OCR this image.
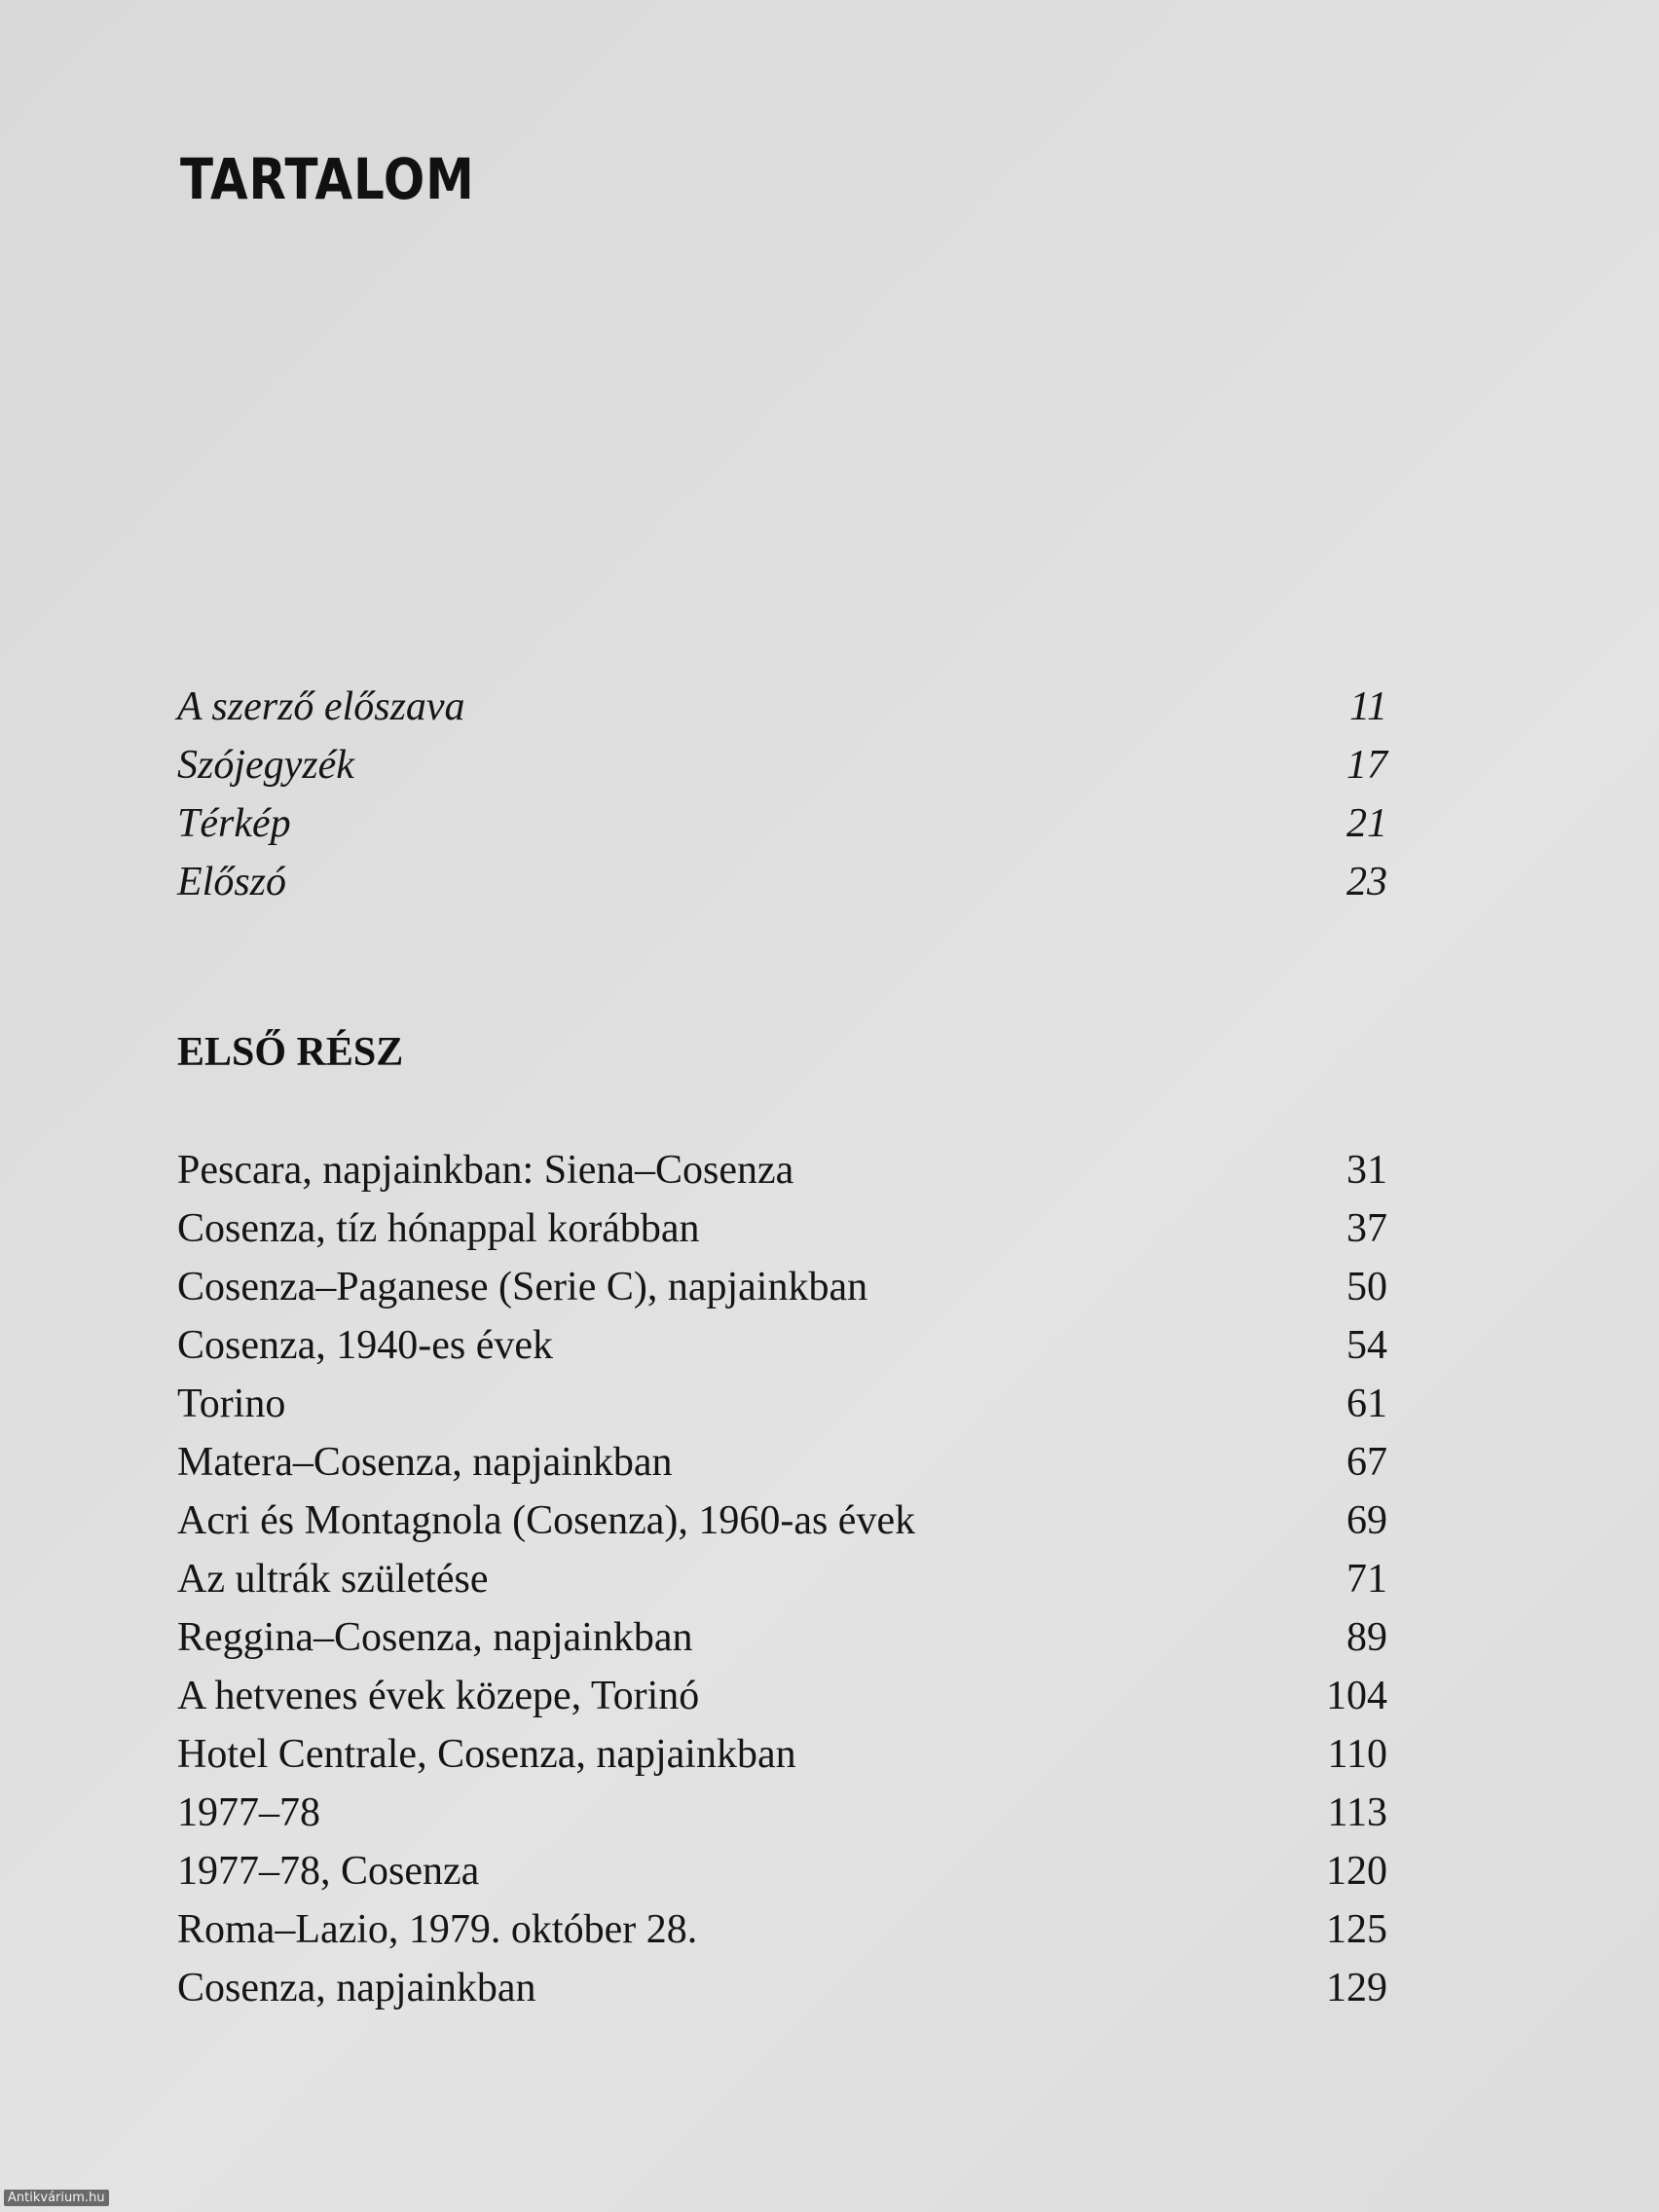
TARTALOM
A szerző előszava	11
Szójegyzék	17
Térkép	21
Előszó	23
ELSŐ RÉSZ
Pescara, napjainkban: Siena–Cosenza	31
Cosenza, tíz hónappal korábban	37
Cosenza–Paganese (Serie C), napjainkban	50
Cosenza, 1940-es évek	54
Torino	61
Matera–Cosenza, napjainkban	67
Acri és Montagnola (Cosenza), 1960-as évek	69
Az ultrák születése	71
Reggina–Cosenza, napjainkban	89
A hetvenes évek közepe, Torinó	104
Hotel Centrale, Cosenza, napjainkban	110
1977–78	113
1977–78, Cosenza	120
Roma–Lazio, 1979. október 28.	125
Cosenza, napjainkban	129
Antikvárium.hu
